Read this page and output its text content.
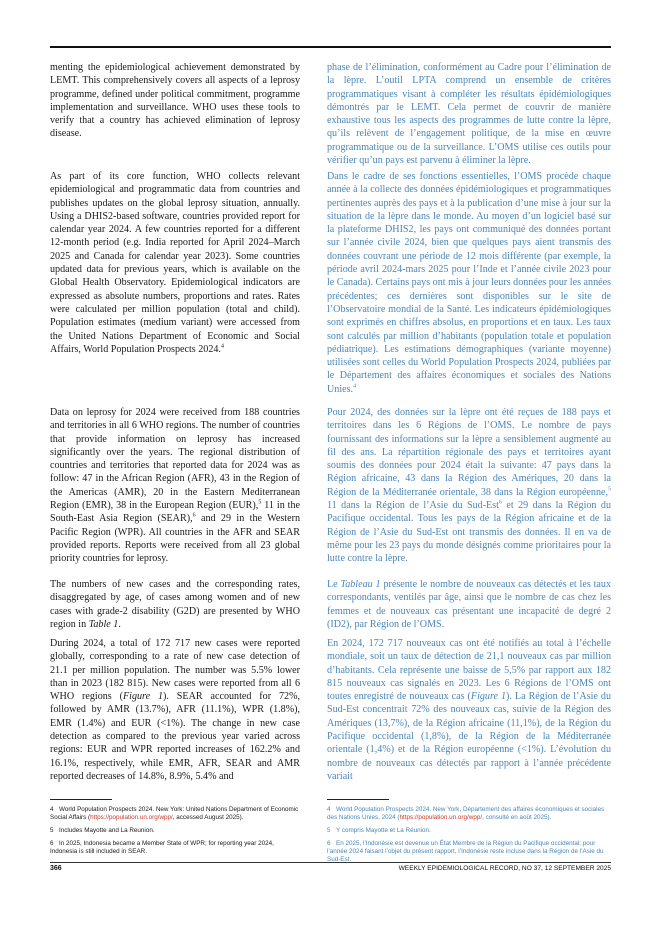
menting the epidemiological achievement demonstrated by LEMT. This comprehensively covers all aspects of a leprosy programme, defined under political commitment, programme implementation and surveillance. WHO uses these tools to verify that a country has achieved elimination of leprosy disease.

As part of its core function, WHO collects relevant epidemiological and programmatic data from countries and publishes updates on the global leprosy situation, annually. Using a DHIS2-based software, countries provided report for calendar year 2024. A few countries reported for a different 12-month period (e.g. India reported for April 2024–March 2025 and Canada for calendar year 2023). Some countries updated data for previous years, which is available on the Global Health Observatory. Epidemiological indicators are expressed as absolute numbers, proportions and rates. Rates were calculated per million population (total and child). Population estimates (medium variant) were accessed from the United Nations Department of Economic and Social Affairs, World Population Prospects 2024.$^4$

Data on leprosy for 2024 were received from 188 countries and territories in all 6 WHO regions. The number of countries that provide information on leprosy has increased significantly over the years. The regional distribution of countries and territories that reported data for 2024 was as follow: 47 in the African Region (AFR), 43 in the Region of the Americas (AMR), 20 in the Eastern Mediterranean Region (EMR), 38 in the European Region (EUR),$^5$ 11 in the South-East Asia Region (SEAR),$^6$ and 29 in the Western Pacific Region (WPR). All countries in the AFR and SEAR provided reports. Reports were received from all 23 global priority countries for leprosy.

The numbers of new cases and the corresponding rates, disaggregated by age, of cases among women and of new cases with grade-2 disability (G2D) are presented by WHO region in Table 1.

During 2024, a total of 172 717 new cases were reported globally, corresponding to a rate of new case detection of 21.1 per million population. The number was 5.5% lower than in 2023 (182 815). New cases were reported from all 6 WHO regions (Figure 1). SEAR accounted for 72%, followed by AMR (13.7%), AFR (11.1%), WPR (1.8%), EMR (1.4%) and EUR (<1%). The change in new case detection as compared to the previous year varied across regions: EUR and WPR reported increases of 162.2% and 16.1%, respectively, while EMR, AFR, SEAR and AMR reported decreases of 14.8%, 8.9%, 5.4% and

phase de l’élimination, conformément au Cadre pour l’élimination de la lèpre. L’outil LPTA comprend un ensemble de critères programmatiques visant à compléter les résultats épidémiologiques démontrés par le LEMT. Cela permet de couvrir de manière exhaustive tous les aspects des programmes de lutte contre la lèpre, qu’ils relèvent de l’engagement politique, de la mise en œuvre programmatique ou de la surveillance. L’OMS utilise ces outils pour vérifier qu’un pays est parvenu à éliminer la lèpre.

Dans le cadre de ses fonctions essentielles, l’OMS procède chaque année à la collecte des données épidémiologiques et programmatiques pertinentes auprès des pays et à la publication d’une mise à jour sur la situation de la lèpre dans le monde. Au moyen d’un logiciel basé sur la plateforme DHIS2, les pays ont communiqué des données portant sur l’année civile 2024, bien que quelques pays aient transmis des données couvrant une période de 12 mois différente (par exemple, la période avril 2024-mars 2025 pour l’Inde et l’année civile 2023 pour le Canada). Certains pays ont mis à jour leurs données pour les années précédentes; ces dernières sont disponibles sur le site de l’Observatoire mondial de la Santé. Les indicateurs épidémiologiques sont exprimés en chiffres absolus, en proportions et en taux. Les taux sont calculés par million d’habitants (population totale et population pédiatrique). Les estimations démographiques (variante moyenne) utilisées sont celles du World Population Prospects 2024, publiées par le Département des affaires économiques et sociales des Nations Unies.$^4$

Pour 2024, des données sur la lèpre ont été reçues de 188 pays et territoires dans les 6 Régions de l’OMS. Le nombre de pays fournissant des informations sur la lèpre a sensiblement augmenté au fil des ans. La répartition régionale des pays et territoires ayant soumis des données pour 2024 était la suivante: 47 pays dans la Région africaine, 43 dans la Région des Amériques, 20 dans la Région de la Méditerranée orientale, 38 dans la Région européenne,$^5$ 11 dans la Région de l’Asie du Sud-Est$^6$ et 29 dans la Région du Pacifique occidental. Tous les pays de la Région africaine et de la Région de l’Asie du Sud-Est ont transmis des données. Il en va de même pour les 23 pays du monde désignés comme prioritaires pour la lutte contre la lèpre.

Le Tableau 1 présente le nombre de nouveaux cas détectés et les taux correspondants, ventilés par âge, ainsi que le nombre de cas chez les femmes et de nouveaux cas présentant une incapacité de degré 2 (ID2), par Région de l’OMS.

En 2024, 172 717 nouveaux cas ont été notifiés au total à l’échelle mondiale, soit un taux de détection de 21,1 nouveaux cas par million d’habitants. Cela représente une baisse de 5,5% par rapport aux 182 815 nouveaux cas signalés en 2023. Les 6 Régions de l’OMS ont toutes enregistré de nouveaux cas (Figure 1). La Région de l’Asie du Sud-Est concentrait 72% des nouveaux cas, suivie de la Région des Amériques (13,7%), de la Région africaine (11,1%), de la Région du Pacifique occidental (1,8%), de la Région de la Méditerranée orientale (1,4%) et de la Région européenne (<1%). L’évolution du nombre de nouveaux cas détectés par rapport à l’année précédente variait

4 World Population Prospects 2024. New York: United Nations Department of Economic Social Affairs (https://population.un.org/wpp/, accessed August 2025).
5 Includes Mayotte and La Reunion.
6 In 2025, Indonesia became a Member State of WPR; for reporting year 2024, Indonesia is still included in SEAR.
4 World Population Prospects 2024. New York, Département des affaires économiques et sociales des Nations Unies, 2024 (https://population.un.org/wpp/, consulté en août 2025).
5 Y compris Mayotte et La Réunion.
6 En 2025, l’Indonésie est devenue un État Membre de la Région du Pacifique occidental; pour l’année 2024 faisant l’objet du présent rapport, l’Indonésie reste incluse dans la Région de l’Asie du Sud-Est.
366	WEEKLY EPIDEMIOLOGICAL RECORD, NO 37, 12 SEPTEMBER 2025
